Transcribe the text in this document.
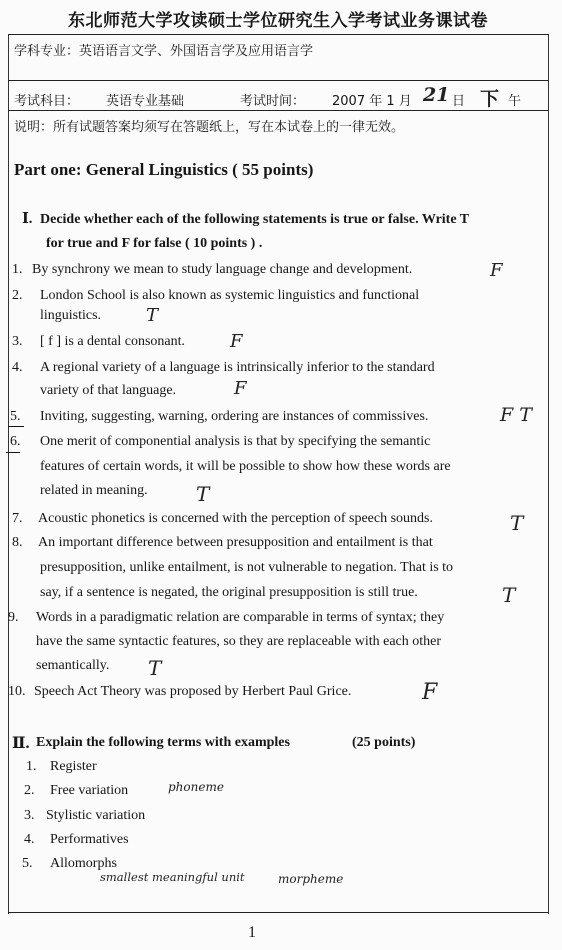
东北师范大学攻读硕士学位研究生入学考试业务课试卷
学科专业：英语语言文学、外国语言学及应用语言学
考试科目： 英语专业基础	考试时间： 2007 年 1 月 21 日 下 午
说明：所有试题答案均须写在答题纸上，写在本试卷上的一律无效。
Part one: General Linguistics ( 55 points)
Ⅰ. Decide whether each of the following statements is true or false. Write T
for true and F for false ( 10 points ) .
1. By synchrony we mean to study language change and development.	F
2. London School is also known as systemic linguistics and functional
linguistics. T
3. [ f ] is a dental consonant. F
4. A regional variety of a language is intrinsically inferior to the standard
variety of that language.	F
5. Inviting, suggesting, warning, ordering are instances of commissives.	F T
6. One merit of componential analysis is that by specifying the semantic
features of certain words, it will be possible to show how these words are
related in meaning. T
7. Acoustic phonetics is concerned with the perception of speech sounds.	T
8. An important difference between presupposition and entailment is that
presupposition, unlike entailment, is not vulnerable to negation. That is to
say, if a sentence is negated, the original presupposition is still true.	T
9. Words in a paradigmatic relation are comparable in terms of syntax; they
have the same syntactic features, so they are replaceable with each other
semantically. T
10. Speech Act Theory was proposed by Herbert Paul Grice.	F
Ⅱ. Explain the following terms with examples	(25 points)
1. Register
2. Free variation	phoneme
3. Stylistic variation
4. Performatives
5. Allomorphs
smallest meaningful unit	morpheme
1
